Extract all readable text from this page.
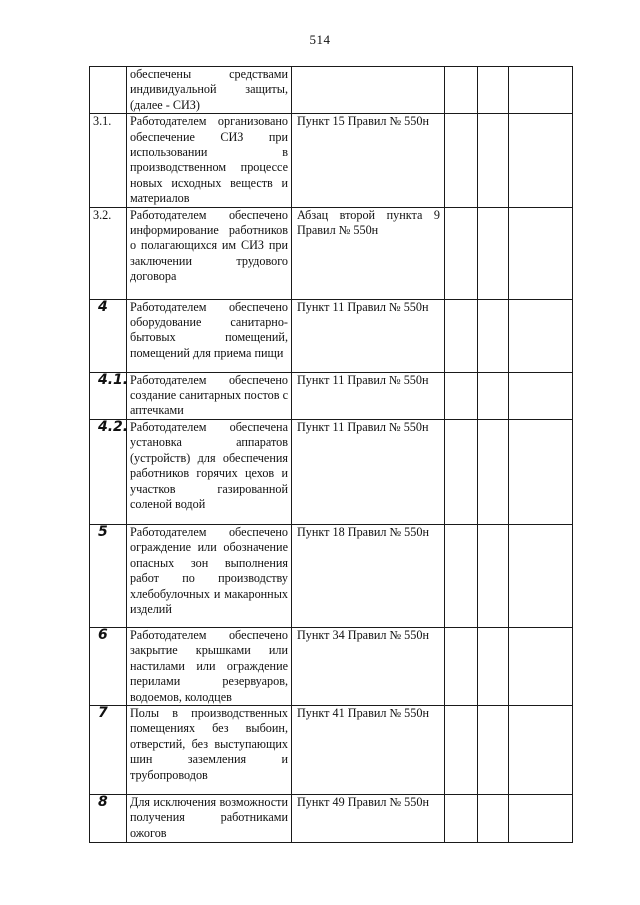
514
	обеспечены средствами индивидуальной защиты, (далее - СИЗ)				
3.1.	Работодателем организовано обеспечение СИЗ при использовании в производственном процессе новых исходных веществ и материалов	Пункт 15 Правил № 550н			
3.2.	Работодателем обеспечено информирование работников о полагающихся им СИЗ при заключении трудового договора	Абзац второй пункта 9 Правил № 550н			
4	Работодателем обеспечено оборудование санитарно-бытовых помещений, помещений для приема пищи	Пункт 11 Правил № 550н			
4.1.	Работодателем обеспечено создание санитарных постов с аптечками	Пункт 11 Правил № 550н			
4.2.	Работодателем обеспечена установка аппаратов (устройств) для обеспечения работников горячих цехов и участков газированной соленой водой	Пункт 11 Правил № 550н			
5	Работодателем обеспечено ограждение или обозначение опасных зон выполнения работ по производству хлебобулочных и макаронных изделий	Пункт 18 Правил № 550н			
6	Работодателем обеспечено закрытие крышками или настилами или ограждение перилами резервуаров, водоемов, колодцев	Пункт 34 Правил № 550н			
7	Полы в производственных помещениях без выбоин, отверстий, без выступающих шин заземления и трубопроводов	Пункт 41 Правил № 550н			
8	Для исключения возможности получения работниками ожогов	Пункт 49 Правил № 550н			
